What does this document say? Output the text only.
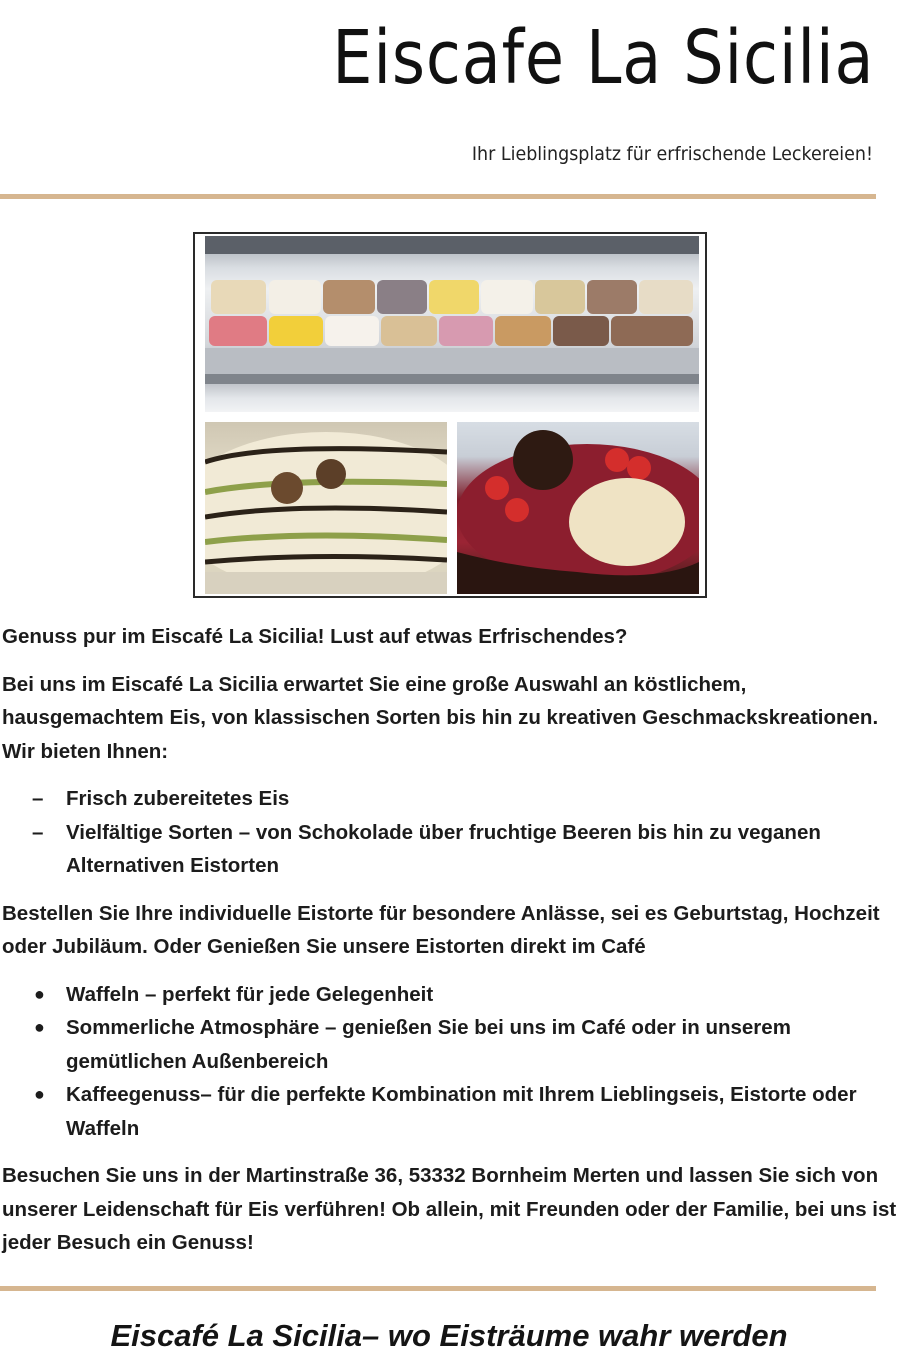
Eiscafe La Sicilia
Ihr Lieblingsplatz für erfrischende Leckereien!

Genuss pur im Eiscafé La Sicilia! Lust auf etwas Erfrischendes?

Bei uns im Eiscafé La Sicilia erwartet Sie eine große Auswahl an köstlichem, hausgemachtem Eis, von klassischen Sorten bis hin zu kreativen Geschmackskreationen. Wir bieten Ihnen:

– Frisch zubereitetes Eis
– Vielfältige Sorten – von Schokolade über fruchtige Beeren bis hin zu veganen Alternativen Eistorten

Bestellen Sie Ihre individuelle Eistorte für besondere Anlässe, sei es Geburtstag, Hochzeit oder Jubiläum. Oder Genießen Sie unsere Eistorten direkt im Café

● Waffeln – perfekt für jede Gelegenheit
● Sommerliche Atmosphäre – genießen Sie bei uns im Café oder in unserem gemütlichen Außenbereich
● Kaffeegenuss– für die perfekte Kombination mit Ihrem Lieblingseis, Eistorte oder Waffeln

Besuchen Sie uns in der Martinstraße 36, 53332 Bornheim Merten und lassen Sie sich von unserer Leidenschaft für Eis verführen! Ob allein, mit Freunden oder der Familie, bei uns ist jeder Besuch ein Genuss!

Eiscafé La Sicilia– wo Eisträume wahr werden
